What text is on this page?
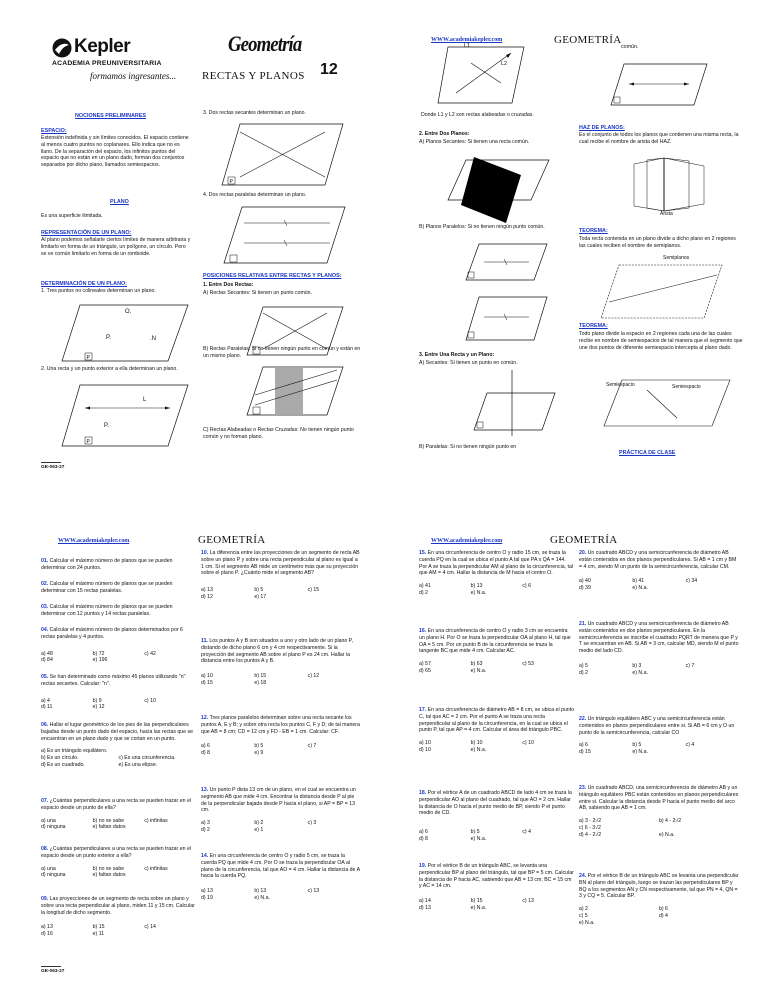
Kepler
ACADEMIA PREUNIVERSITARIA
formamos ingresantes...
Geometría
RECTAS Y PLANOS 12
NOCIONES PRELIMINARES
ESPACIO:
Extensión indefinida y sin límites conocidos. El espacio contiene al menos cuatro puntos no coplanares. Ello indica que no es llano. De la separación del espacio, los infinitos puntos del espacio que no están en un plano dado, forman dos conjuntos separados por dicho plano, llamados semiespacios.
PLANO
Es una superficie ilimitada.
REPRESENTACIÓN DE UN PLANO:
Al plano podemos señalarle ciertos límites de manera arbitraria y limitarlo en forma de un triángulo, un polígono, un círculo. Pero se ve común limitarlo en forma de un romboide.
DETERMINACIÓN DE UN PLANO:
1. Tres puntos no colineales determinan un plano.
P
O.
P.	.N
2. Una recta y un punto exterior a ella determinan un plano.
P
L
P.
GE-063-27
3. Dos rectas secantes determinan un plano.
P
4. Dos rectas paralelas determinan un plano.
POSICIONES RELATIVAS ENTRE RECTAS Y PLANOS:
1. Entre Dos Rectas:
A) Rectas Secantes: Si tienen un punto común.
B) Rectas Paralelas: Si no tienen ningún punto en común y están en un mismo plano.
C) Rectas Alabeadas o Rectas Cruzadas: No tienen ningún punto común y no forman plano.
WWW.academiakepler.com	GEOMETRÍA
L2
L1
Donde L1 y L2 son rectas alabeadas o cruzadas.
2. Entre Dos Planos:
A) Planos Secantes: Si tienen una recta común.
B) Planos Paralelos: Si no tienen ningún punto común.
3. Entre Una Recta y un Plano:
A) Secantes: Si tienen un punto en común.
B) Paralelas: Si no tienen ningún punto en
común.
HAZ DE PLANOS:
Es el conjunto de todos los planos que contienen una misma recta, la cual recibe el nombre de arista del HAZ.
Arista
TEOREMA:
Toda recta contenida en un plano divide a dicho plano en 2 regiones las cuales reciben el nombre de semiplanos.
Semiplanos
TEOREMA:
Todo plano divide la espacio en 2 regiones cada una de las cuales recibe en nombre de semiespacios de tal manera que el segmento que une dos puntos de diferente semiespacio intercepta al plano dado.
Semiespacio	Semiespacio
PRÁCTICA DE CLASE
WWW.academiakepler.com	GEOMETRÍA
01. Calcular el máximo número de planos que se pueden determinar con 24 puntos.
02. Calcular el máximo número de planos que se pueden determinar con 15 rectas paralelas.
03. Calcular el máximo número de planos que se pueden determinar con 12 puntos y 14 rectas paralelas.
04. Calcular el máximo número de planos determinados por 6 rectas paralelas y 4 puntos.
a) 48	b) 72	c) 42
d) 84	e) 196
05. Se han determinado como máximo 45 planos utilizando "n" rectas secantes. Calcular: "n".
a) 4	b) 9	c) 10
d) 11	e) 12
06. Hallar el lugar geométrico de los pies de las perpendiculares bajadas desde un punto dado del espacio, hacia las rectas que se encuentran en un plano dado y que se cortan en un punto.
a) Es un triángulo equilátero.
b) Es un círculo.	c) Es una circunferencia.
d) Es un cuadrado.	e) Es una elipse.
07. ¿Cuántas perpendiculares a una recta se pueden trazar en el espacio desde un punto de ella?
a) una	b) no se sabe	c) infinitas
d) ninguna	e) faltan datos
08. ¿Cuántas perpendiculares a una recta se pueden trazar en el espacio desde un punto exterior a ella?
a) una	b) no se sabe	c) infinitas
d) ninguna	e) faltan datos
09. Las proyecciones de un segmento de recta sobre un plano y sobre una recta perpendicular al plano, miden 11 y 15 cm. Calcular la longitud de dicho segmento.
a) 13	b) 15	c) 14
d) 16	e) 11
10. La diferencia entre las proyecciones de un segmento de recta AB sobre un plano P y sobre una recta perpendicular al plano es igual a 1 cm. Si el segmento AB mide un centímetro más que su proyección sobre el plano P. ¿Cuánto mide el segmento AB?
a) 13	b) 5	c) 15
d) 12	e) 17
11. Los puntos A y B son situados a uno y otro lado de un plano P, distando de dicho plano 6 cm y 4 cm respectivamente. Si la proyección del segmento AB sobre el plano P es 24 cm. Hallar la distancia entre los puntos A y B.
a) 10	b) 15	c) 12
d) 15	e) 18
12. Tres planos paralelos determinan sobre una recta secante los puntos A, E y B; y sobre otra recta los puntos C, F y D; de tal manera que AB = 8 cm; CD = 12 cm y FD - EB = 1 cm. Calcular: CF.
a) 6	b) 5	c) 7
d) 8	e) 9
13. Un punto P dista 13 cm de un plano, en el cual se encuentra un segmento AB que mide 4 cm. Encontrar la distancia desde P al pie de la perpendicular bajada desde P hacia el plano, si AP = BP = 13 cm.
a) 3	b) 2	c) 3
d) 2	e) 1
14. En una circunferencia de centro O y radio 5 cm, se traza la cuerda PQ que mide 4 cm. Por O se traza la perpendicular OA al plano de la circunferencia, tal que AO = 4 cm. Hallar la distancia de A hacia la cuerda PQ.
a) 13	b) 13	c) 13
d) 19	e) N.a.
GE-063-27
WWW.academiakepler.com	GEOMETRÍA
15. En una circunferencia de centro O y radio 15 cm, se traza la cuerda PQ en la cual se ubica el punto A tal que PA x QA = 144. Por A se traza la perpendicular AM al plano de la circunferencia, tal que AM = 4 cm. Hallar la distancia de M hacia el centro O.
a) 41	b) 13	c) 6
d) 2	e) N.a.
16. En una circunferencia de centro O y radio 3 cm se encuentra un plano H. Por O se traza la perpendicular OA al plano H, tal que OA = 5 cm. Por un punto B de la circunferencia se traza la tangente BC que mide 4 cm. Calcular AC.
a) 57	b) 63	c) 53
d) 65	e) N.a.
17. En una circunferencia de diámetro AB = 8 cm, se ubica el punto C, tal que AC = 2 cm. Por el punto A se traza una recta perpendicular al plano de la circunferencia, en la cual se ubica el punto P, tal que AP = 4 cm. Calcular el área del triángulo PBC.
a) 10	b) 10	c) 10
d) 10	e) N.a.
18. Por el vértice A de un cuadrado ABCD de lado 4 cm se traza la perpendicular AO al plano del cuadrado, tal que AO = 2 cm. Hallar la distancia de O hacia el punto medio de BP, siendo P el punto medio de CD.
a) 6	b) 5	c) 4
d) 8	e) N.a.
19. Por el vértice B de un triángulo ABC, se levanta una perpendicular BP al plano del triángulo, tal que BP = 5 cm. Calcular la distancia de P hacia AC, sabiendo que AB = 13 cm; BC = 15 cm y AC = 14 cm.
a) 14	b) 15	c) 13
d) 13	e) N.a.
20. Un cuadrado ABCD y una semicircunferencia de diámetro AB están contenidos en dos planos perpendiculares. Si AB = 1 cm y BM = 4 cm, siendo M un punto de la semicircunferencia, calcular CM.
a) 40	b) 41	c) 34
d) 39	e) N.a.
21. Un cuadrado ABCD y una semicircunferencia de diámetro AB están contenidos en dos planos perpendiculares. En la semicircunferencia se inscribe el cuadrado PQRT de manera que P y T se encuentran en AB. Si AB = 3 cm, calcular MD, siendo M el punto medio del lado CD.
a) 5	b) 3	c) 7
d) 2	e) N.a.
22. Un triángulo equilátero ABC y una semicircunferencia están contenidos en planos perpendiculares entre si. Si AB = 6 cm y O un punto de la semicircunferencia, calcular CO
a) 6	b) 5	c) 4
d) 15	e) N.a.
23. Un cuadrado ABCD, una semicircunferencia de diámetro AB y un triángulo equilátero PBC están contenidos en planos perpendiculares entre si. Calcular la distancia desde P hacia el punto medio del arco AB, sabiendo que AB = 1 cm.
a) 3 - 2√2	b) 4 - 2√2
c) 6 - 3√2
d) 4 - 2√2	e) N.a.
24. Por el vértice B de un triángulo ABC se levanta una perpendicular BN al plano del triángulo, luego se trazan las perpendiculares BP y BQ a los segmentos AN y CN respectivamente, tal que PN = 4, QN = 3 y CQ = 5. Calcular BP.
a) 2	b) 6
c) 5	d) 4
e) N.a.
